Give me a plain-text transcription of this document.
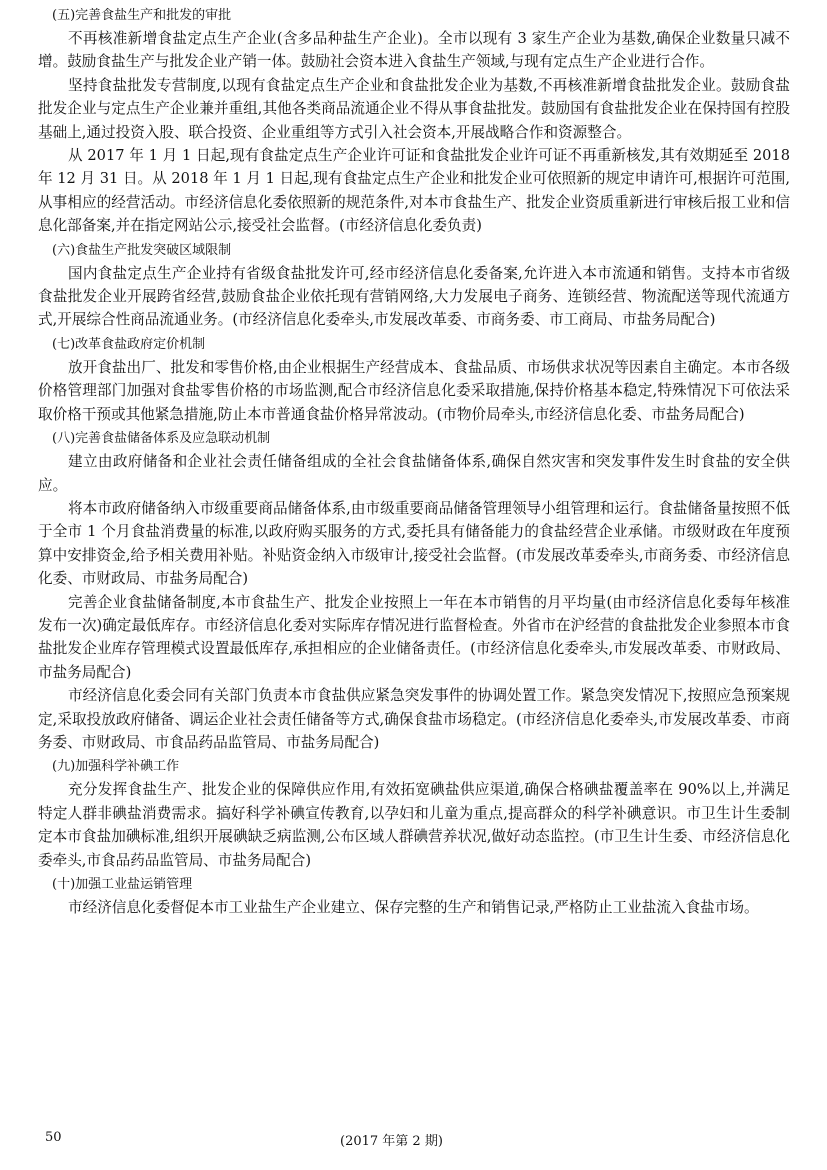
(五)完善食盐生产和批发的审批

不再核准新增食盐定点生产企业(含多品种盐生产企业)。全市以现有 3 家生产企业为基数,确保企业数量只减不增。鼓励食盐生产与批发企业产销一体。鼓励社会资本进入食盐生产领域,与现有定点生产企业进行合作。

坚持食盐批发专营制度,以现有食盐定点生产企业和食盐批发企业为基数,不再核准新增食盐批发企业。鼓励食盐批发企业与定点生产企业兼并重组,其他各类商品流通企业不得从事食盐批发。鼓励国有食盐批发企业在保持国有控股基础上,通过投资入股、联合投资、企业重组等方式引入社会资本,开展战略合作和资源整合。

从 2017 年 1 月 1 日起,现有食盐定点生产企业许可证和食盐批发企业许可证不再重新核发,其有效期延至 2018 年 12 月 31 日。从 2018 年 1 月 1 日起,现有食盐定点生产企业和批发企业可依照新的规定申请许可,根据许可范围,从事相应的经营活动。市经济信息化委依照新的规范条件,对本市食盐生产、批发企业资质重新进行审核后报工业和信息化部备案,并在指定网站公示,接受社会监督。(市经济信息化委负责)

(六)食盐生产批发突破区域限制

国内食盐定点生产企业持有省级食盐批发许可,经市经济信息化委备案,允许进入本市流通和销售。支持本市省级食盐批发企业开展跨省经营,鼓励食盐企业依托现有营销网络,大力发展电子商务、连锁经营、物流配送等现代流通方式,开展综合性商品流通业务。(市经济信息化委牵头,市发展改革委、市商务委、市工商局、市盐务局配合)

(七)改革食盐政府定价机制

放开食盐出厂、批发和零售价格,由企业根据生产经营成本、食盐品质、市场供求状况等因素自主确定。本市各级价格管理部门加强对食盐零售价格的市场监测,配合市经济信息化委采取措施,保持价格基本稳定,特殊情况下可依法采取价格干预或其他紧急措施,防止本市普通食盐价格异常波动。(市物价局牵头,市经济信息化委、市盐务局配合)

(八)完善食盐储备体系及应急联动机制

建立由政府储备和企业社会责任储备组成的全社会食盐储备体系,确保自然灾害和突发事件发生时食盐的安全供应。

将本市政府储备纳入市级重要商品储备体系,由市级重要商品储备管理领导小组管理和运行。食盐储备量按照不低于全市 1 个月食盐消费量的标准,以政府购买服务的方式,委托具有储备能力的食盐经营企业承储。市级财政在年度预算中安排资金,给予相关费用补贴。补贴资金纳入市级审计,接受社会监督。(市发展改革委牵头,市商务委、市经济信息化委、市财政局、市盐务局配合)

完善企业食盐储备制度,本市食盐生产、批发企业按照上一年在本市销售的月平均量(由市经济信息化委每年核准发布一次)确定最低库存。市经济信息化委对实际库存情况进行监督检查。外省市在沪经营的食盐批发企业参照本市食盐批发企业库存管理模式设置最低库存,承担相应的企业储备责任。(市经济信息化委牵头,市发展改革委、市财政局、市盐务局配合)

市经济信息化委会同有关部门负责本市食盐供应紧急突发事件的协调处置工作。紧急突发情况下,按照应急预案规定,采取投放政府储备、调运企业社会责任储备等方式,确保食盐市场稳定。(市经济信息化委牵头,市发展改革委、市商务委、市财政局、市食品药品监管局、市盐务局配合)

(九)加强科学补碘工作

充分发挥食盐生产、批发企业的保障供应作用,有效拓宽碘盐供应渠道,确保合格碘盐覆盖率在 90%以上,并满足特定人群非碘盐消费需求。搞好科学补碘宣传教育,以孕妇和儿童为重点,提高群众的科学补碘意识。市卫生计生委制定本市食盐加碘标准,组织开展碘缺乏病监测,公布区域人群碘营养状况,做好动态监控。(市卫生计生委、市经济信息化委牵头,市食品药品监管局、市盐务局配合)

(十)加强工业盐运销管理

市经济信息化委督促本市工业盐生产企业建立、保存完整的生产和销售记录,严格防止工业盐流入食盐市场。

50	(2017 年第 2 期)
